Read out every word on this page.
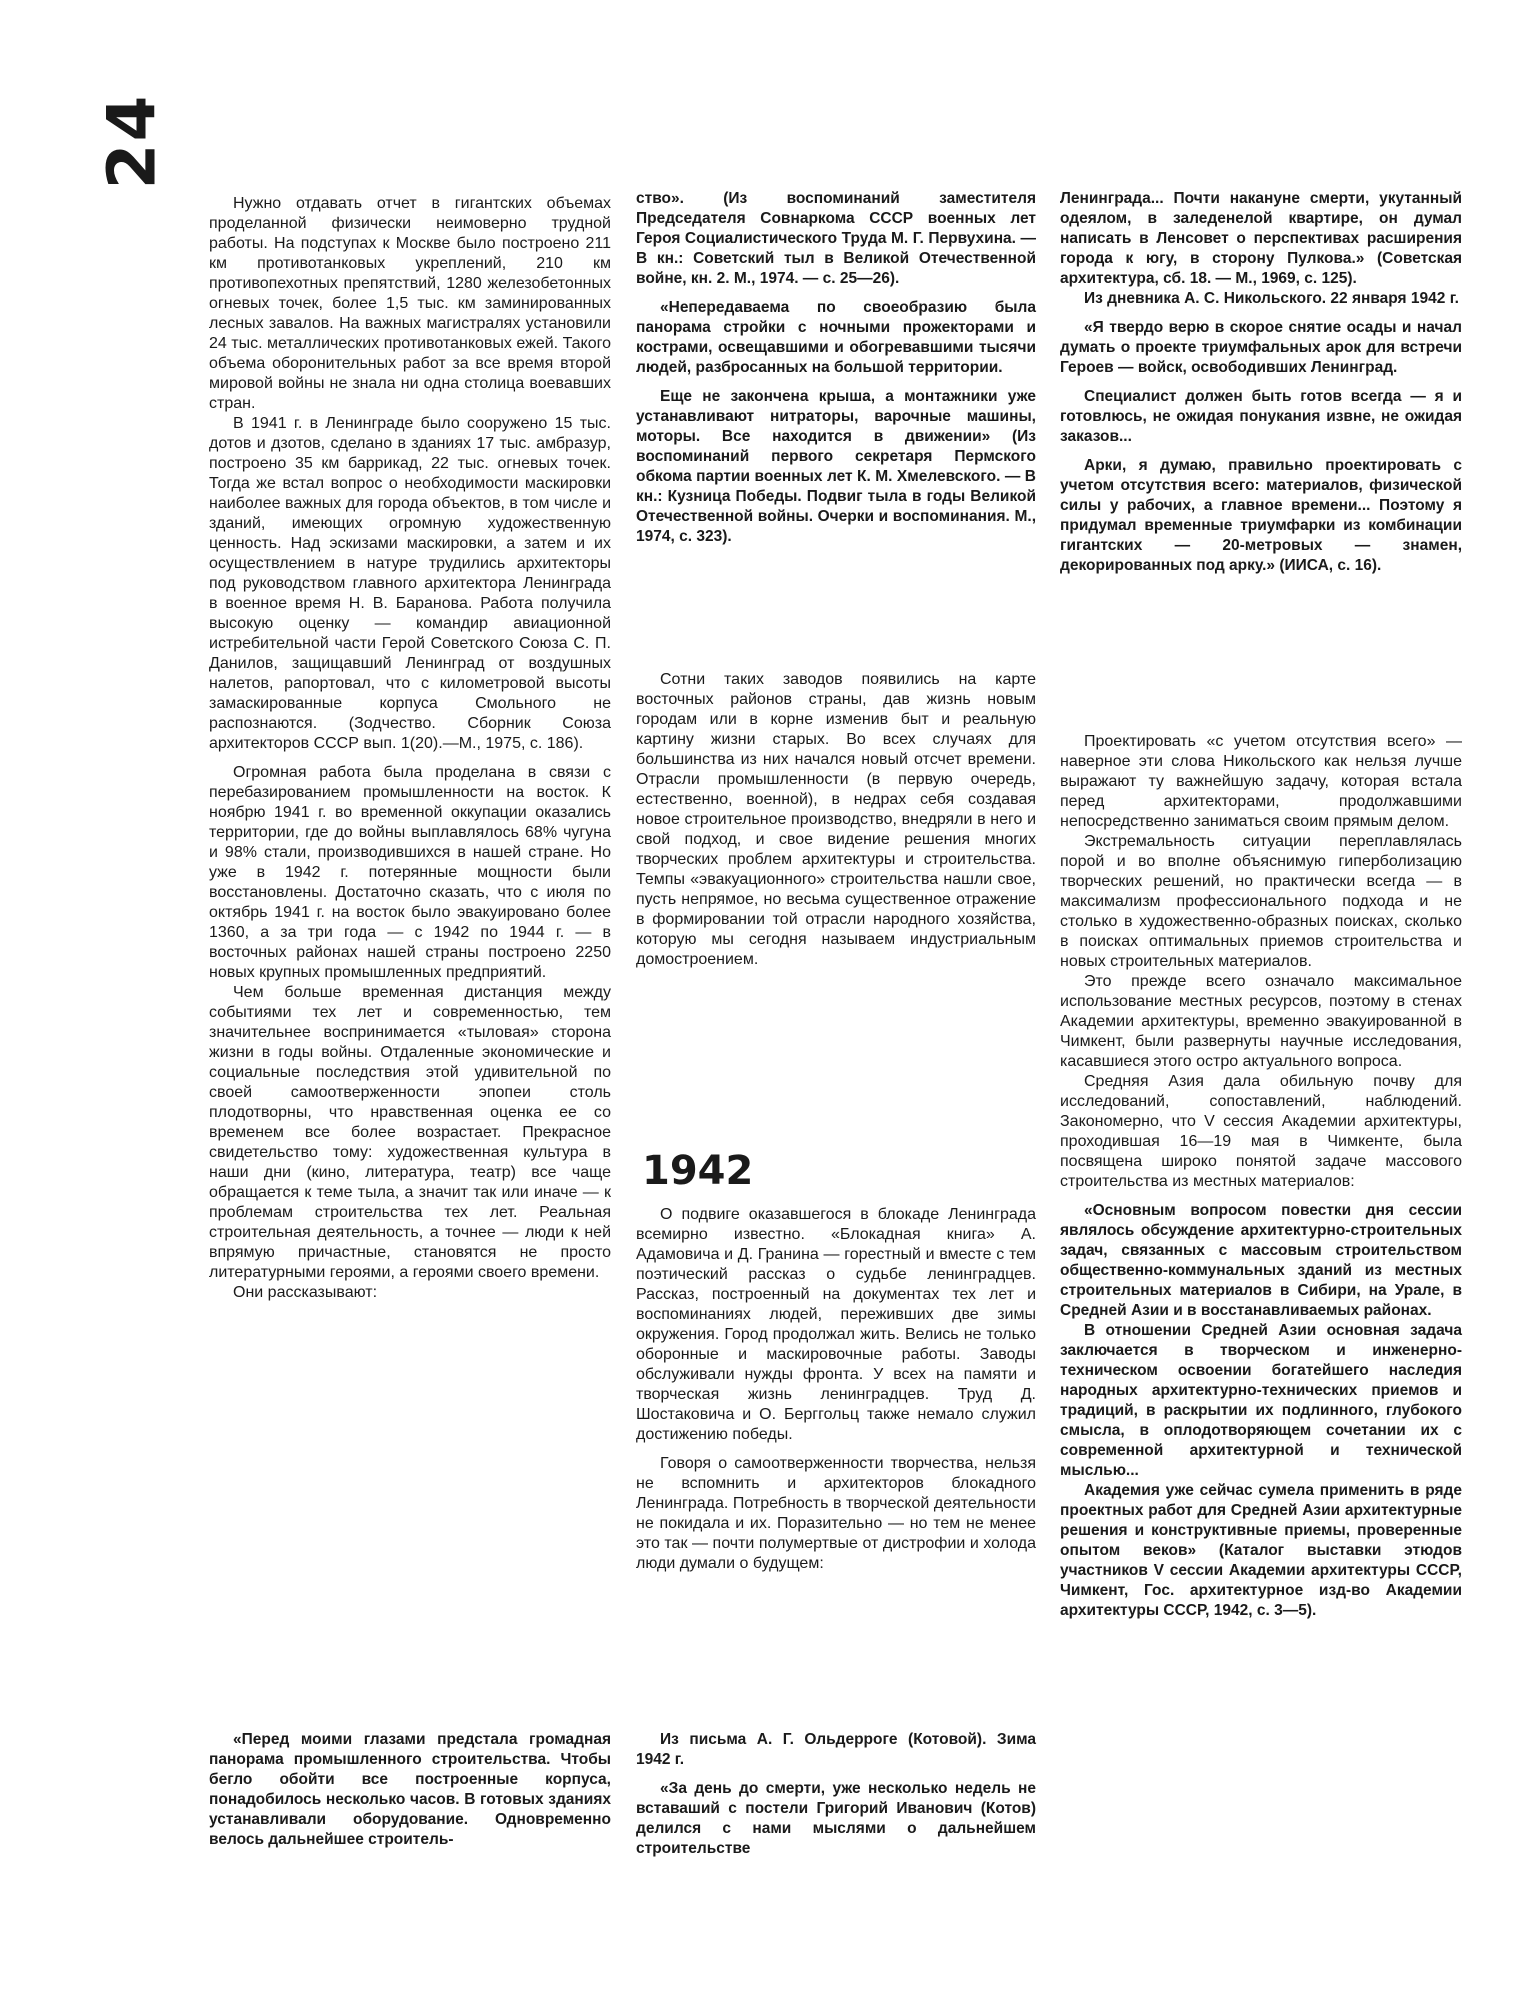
24

Нужно отдавать отчет в гигантских объемах проделанной физически неимоверно трудной работы. На подступах к Москве было построено 211 км противотанковых укреплений, 210 км противопехотных препятствий, 1280 железобетонных огневых точек, более 1,5 тыс. км заминированных лесных завалов. На важных магистралях установили 24 тыс. металлических противотанковых ежей. Такого объема оборонительных работ за все время второй мировой войны не знала ни одна столица воевавших стран.

В 1941 г. в Ленинграде было сооружено 15 тыс. дотов и дзотов, сделано в зданиях 17 тыс. амбразур, построено 35 км баррикад, 22 тыс. огневых точек. Тогда же встал вопрос о необходимости маскировки наиболее важных для города объектов, в том числе и зданий, имеющих огромную художественную ценность. Над эскизами маскировки, а затем и их осуществлением в натуре трудились архитекторы под руководством главного архитектора Ленинграда в военное время Н. В. Баранова. Работа получила высокую оценку — командир авиационной истребительной части Герой Советского Союза С. П. Данилов, защищавший Ленинград от воздушных налетов, рапортовал, что с километровой высоты замаскированные корпуса Смольного не распознаются. (Зодчество. Сборник Союза архитекторов СССР вып. 1(20).—М., 1975, с. 186).

Огромная работа была проделана в связи с перебазированием промышленности на восток. К ноябрю 1941 г. во временной оккупации оказались территории, где до войны выплавлялось 68% чугуна и 98% стали, производившихся в нашей стране. Но уже в 1942 г. потерянные мощности были восстановлены. Достаточно сказать, что с июля по октябрь 1941 г. на восток было эвакуировано более 1360, а за три года — с 1942 по 1944 г. — в восточных районах нашей страны построено 2250 новых крупных промышленных предприятий.

Чем больше временная дистанция между событиями тех лет и современностью, тем значительнее воспринимается «тыловая» сторона жизни в годы войны. Отдаленные экономические и социальные последствия этой удивительной по своей самоотверженности эпопеи столь плодотворны, что нравственная оценка ее со временем все более возрастает. Прекрасное свидетельство тому: художественная культура в наши дни (кино, литература, театр) все чаще обращается к теме тыла, а значит так или иначе — к проблемам строительства тех лет. Реальная строительная деятельность, а точнее — люди к ней впрямую причастные, становятся не просто литературными героями, а героями своего времени.

Они рассказывают:

«Перед моими глазами предстала громадная панорама промышленного строительства. Чтобы бегло обойти все построенные корпуса, понадобилось несколько часов. В готовых зданиях устанавливали оборудование. Одновременно велось дальнейшее строитель-

ство». (Из воспоминаний заместителя Председателя Совнаркома СССР военных лет Героя Социалистического Труда М. Г. Первухина. — В кн.: Советский тыл в Великой Отечественной войне, кн. 2. М., 1974. — с. 25—26).

«Непередаваема по своеобразию была панорама стройки с ночными прожекторами и кострами, освещавшими и обогревавшими тысячи людей, разбросанных на большой территории.

Еще не закончена крыша, а монтажники уже устанавливают нитраторы, варочные машины, моторы. Все находится в движении» (Из воспоминаний первого секретаря Пермского обкома партии военных лет К. М. Хмелевского. — В кн.: Кузница Победы. Подвиг тыла в годы Великой Отечественной войны. Очерки и воспоминания. М., 1974, с. 323).

Сотни таких заводов появились на карте восточных районов страны, дав жизнь новым городам или в корне изменив быт и реальную картину жизни старых. Во всех случаях для большинства из них начался новый отсчет времени. Отрасли промышленности (в первую очередь, естественно, военной), в недрах себя создавая новое строительное производство, внедряли в него и свой подход, и свое видение решения многих творческих проблем архитектуры и строительства. Темпы «эвакуационного» строительства нашли свое, пусть непрямое, но весьма существенное отражение в формировании той отрасли народного хозяйства, которую мы сегодня называем индустриальным домостроением.

1942

О подвиге оказавшегося в блокаде Ленинграда всемирно известно. «Блокадная книга» А. Адамовича и Д. Гранина — горестный и вместе с тем поэтический рассказ о судьбе ленинградцев. Рассказ, построенный на документах тех лет и воспоминаниях людей, переживших две зимы окружения. Город продолжал жить. Велись не только оборонные и маскировочные работы. Заводы обслуживали нужды фронта. У всех на памяти и творческая жизнь ленинградцев. Труд Д. Шостаковича и О. Берггольц также немало служил достижению победы.

Говоря о самоотверженности творчества, нельзя не вспомнить и архитекторов блокадного Ленинграда. Потребность в творческой деятельности не покидала и их. Поразительно — но тем не менее это так — почти полумертвые от дистрофии и холода люди думали о будущем:

Из письма А. Г. Ольдерроге (Котовой). Зима 1942 г.

«За день до смерти, уже несколько недель не вставаший с постели Григорий Иванович (Котов) делился с нами мыслями о дальнейшем строительстве

Ленинграда... Почти накануне смерти, укутанный одеялом, в заледенелой квартире, он думал написать в Ленсовет о перспективах расширения города к югу, в сторону Пулкова.» (Советская архитектура, сб. 18. — М., 1969, с. 125).

Из дневника А. С. Никольского. 22 января 1942 г.

«Я твердо верю в скорое снятие осады и начал думать о проекте триумфальных арок для встречи Героев — войск, освободивших Ленинград.

Специалист должен быть готов всегда — я и готовлюсь, не ожидая понукания извне, не ожидая заказов...

Арки, я думаю, правильно проектировать с учетом отсутствия всего: материалов, физической силы у рабочих, а главное времени... Поэтому я придумал временные триумфарки из комбинации гигантских — 20-метровых — знамен, декорированных под арку.» (ИИСА, с. 16).

Проектировать «с учетом отсутствия всего» — наверное эти слова Никольского как нельзя лучше выражают ту важнейшую задачу, которая встала перед архитекторами, продолжавшими непосредственно заниматься своим прямым делом.

Экстремальность ситуации переплавлялась порой и во вполне объяснимую гиперболизацию творческих решений, но практически всегда — в максимализм профессионального подхода и не столько в художественно-образных поисках, сколько в поисках оптимальных приемов строительства и новых строительных материалов.

Это прежде всего означало максимальное использование местных ресурсов, поэтому в стенах Академии архитектуры, временно эвакуированной в Чимкент, были развернуты научные исследования, касавшиеся этого остро актуального вопроса.

Средняя Азия дала обильную почву для исследований, сопоставлений, наблюдений. Закономерно, что V сессия Академии архитектуры, проходившая 16—19 мая в Чимкенте, была посвящена широко понятой задаче массового строительства из местных материалов:

«Основным вопросом повестки дня сессии являлось обсуждение архитектурно-строительных задач, связанных с массовым строительством общественно-коммунальных зданий из местных строительных материалов в Сибири, на Урале, в Средней Азии и в восстанавливаемых районах.

В отношении Средней Азии основная задача заключается в творческом и инженерно-техническом освоении богатейшего наследия народных архитектурно-технических приемов и традиций, в раскрытии их подлинного, глубокого смысла, в оплодотворяющем сочетании их с современной архитектурной и технической мыслью...

Академия уже сейчас сумела применить в ряде проектных работ для Средней Азии архитектурные решения и конструктивные приемы, проверенные опытом веков» (Каталог выставки этюдов участников V сессии Академии архитектуры СССР, Чимкент, Гос. архитектурное изд-во Академии архитектуры СССР, 1942, с. 3—5).
